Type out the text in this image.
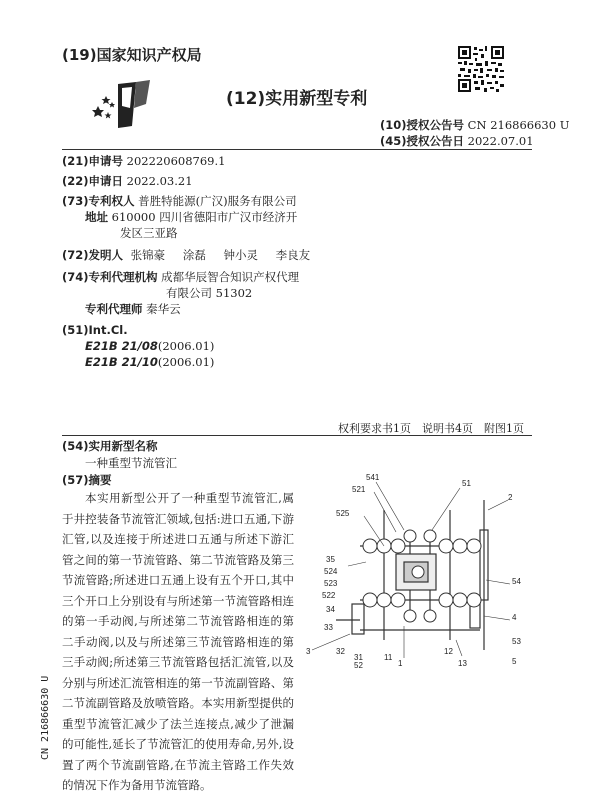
(19)国家知识产权局
(12)实用新型专利
(10)授权公告号 CN 216866630 U
(45)授权公告日 2022.07.01
(21)申请号 202220608769.1
(22)申请日 2022.03.21
(73)专利权人 普胜特能源(广汉)服务有限公司
地址 610000 四川省德阳市广汉市经济开
发区三亚路
(72)发明人 张锦豪 涂磊 钟小灵 李良友
(74)专利代理机构 成都华辰智合知识产权代理
有限公司 51302
专利代理师 秦华云
(51)Int.Cl.
E21B 21/08(2006.01)
E21B 21/10(2006.01)
权利要求书1页　说明书4页　附图1页
(54)实用新型名称
一种重型节流管汇
(57)摘要
本实用新型公开了一种重型节流管汇,属于井控装备节流管汇领域,包括:进口五通,下游汇管,以及连接于所述进口五通与所述下游汇管之间的第一节流管路、第二节流管路及第三节流管路;所述进口五通上设有五个开口,其中三个开口上分别设有与所述第一节流管路相连的第一手动阀,与所述第二节流管路相连的第二手动阀,以及与所述第三节流管路相连的第三手动阀;所述第三节流管路包括汇流管,以及分别与所述汇流管相连的第一节流副管路、第二节流副管路及放喷管路。本实用新型提供的重型节流管汇减少了法兰连接点,减少了泄漏的可能性,延长了节流管汇的使用寿命,另外,设置了两个节流副管路,在节流主管路工作失效的情况下作为备用节流管路。
541
51
2
521
525
35
524
523
522
34
33
3	32
31
52
11
1
12
13
53
54
4
5
CN 216866630 U
